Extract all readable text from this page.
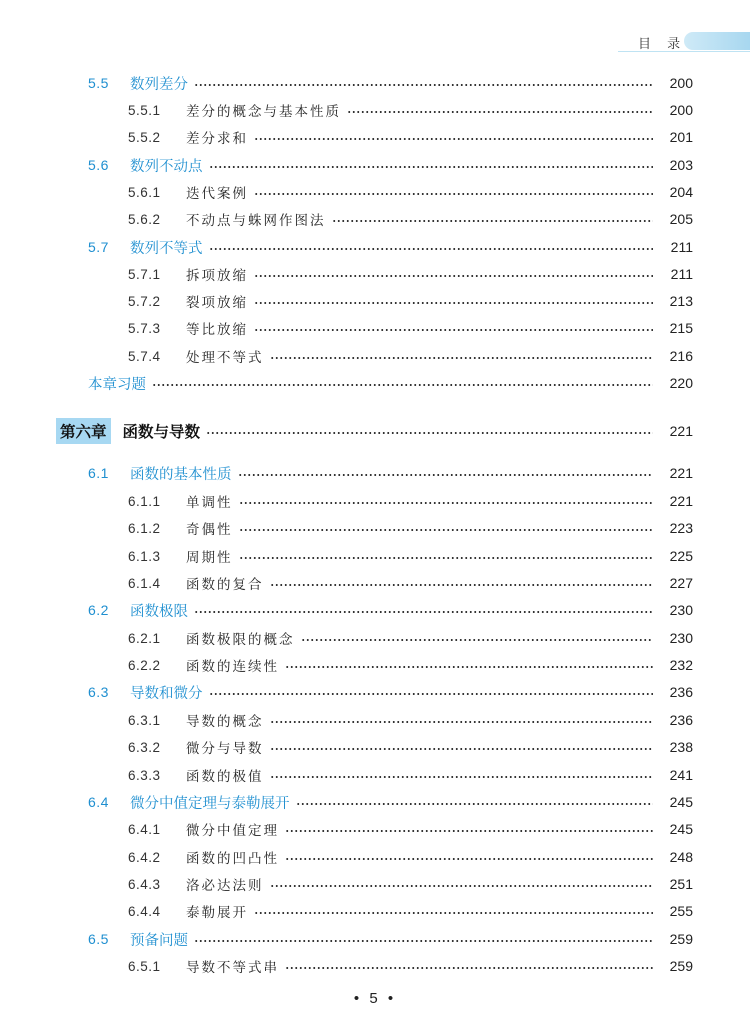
目 录
5.5	数列差分	200
5.5.1	差分的概念与基本性质	200
5.5.2	差分求和	201
5.6	数列不动点	203
5.6.1	迭代案例	204
5.6.2	不动点与蛛网作图法	205
5.7	数列不等式	211
5.7.1	拆项放缩	211
5.7.2	裂项放缩	213
5.7.3	等比放缩	215
5.7.4	处理不等式	216
本章习题	220
第六章 函数与导数	221
6.1	函数的基本性质	221
6.1.1	单调性	221
6.1.2	奇偶性	223
6.1.3	周期性	225
6.1.4	函数的复合	227
6.2	函数极限	230
6.2.1	函数极限的概念	230
6.2.2	函数的连续性	232
6.3	导数和微分	236
6.3.1	导数的概念	236
6.3.2	微分与导数	238
6.3.3	函数的极值	241
6.4	微分中值定理与泰勒展开	245
6.4.1	微分中值定理	245
6.4.2	函数的凹凸性	248
6.4.3	洛必达法则	251
6.4.4	泰勒展开	255
6.5	预备问题	259
6.5.1	导数不等式串	259
• 5 •
